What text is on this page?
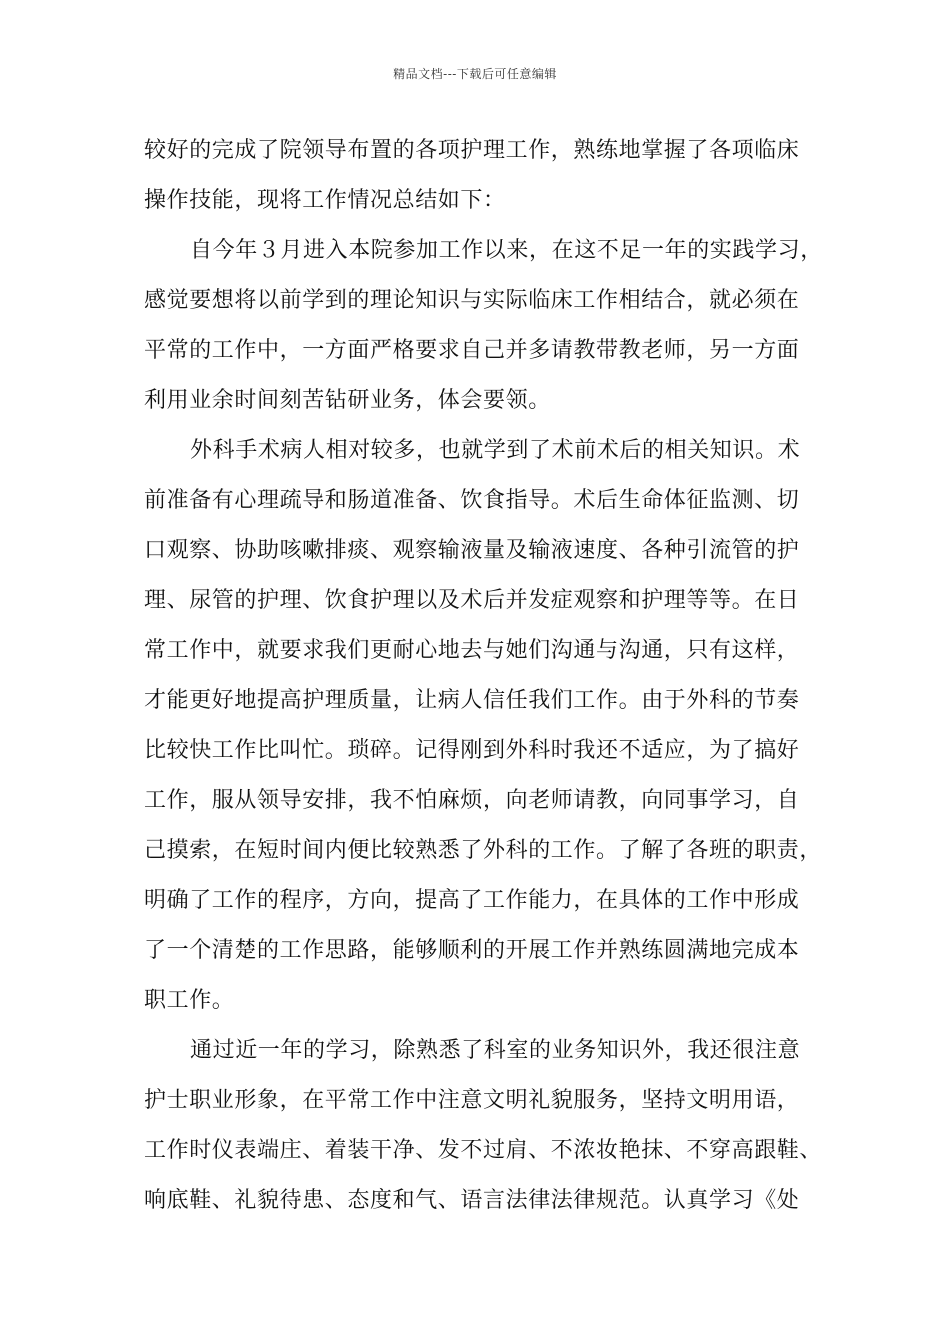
精品文档---下载后可任意编辑
较好的完成了院领导布置的各项护理工作，熟练地掌握了各项临床
操作技能，现将工作情况总结如下：
自今年３月进入本院参加工作以来，在这不足一年的实践学习，
感觉要想将以前学到的理论知识与实际临床工作相结合，就必须在
平常的工作中，一方面严格要求自己并多请教带教老师，另一方面
利用业余时间刻苦钻研业务，体会要领。
外科手术病人相对较多，也就学到了术前术后的相关知识。术
前准备有心理疏导和肠道准备、饮食指导。术后生命体征监测、切
口观察、协助咳嗽排痰、观察输液量及输液速度、各种引流管的护
理、尿管的护理、饮食护理以及术后并发症观察和护理等等。在日
常工作中，就要求我们更耐心地去与她们沟通与沟通，只有这样，
才能更好地提高护理质量，让病人信任我们工作。由于外科的节奏
比较快工作比叫忙。琐碎。记得刚到外科时我还不适应，为了搞好
工作，服从领导安排，我不怕麻烦，向老师请教，向同事学习，自
己摸索，在短时间内便比较熟悉了外科的工作。了解了各班的职责，
明确了工作的程序，方向，提高了工作能力，在具体的工作中形成
了一个清楚的工作思路，能够顺利的开展工作并熟练圆满地完成本
职工作。
通过近一年的学习，除熟悉了科室的业务知识外，我还很注意
护士职业形象，在平常工作中注意文明礼貌服务，坚持文明用语，
工作时仪表端庄、着装干净、发不过肩、不浓妆艳抹、不穿高跟鞋、
响底鞋、礼貌待患、态度和气、语言法律法律规范。认真学习《处
